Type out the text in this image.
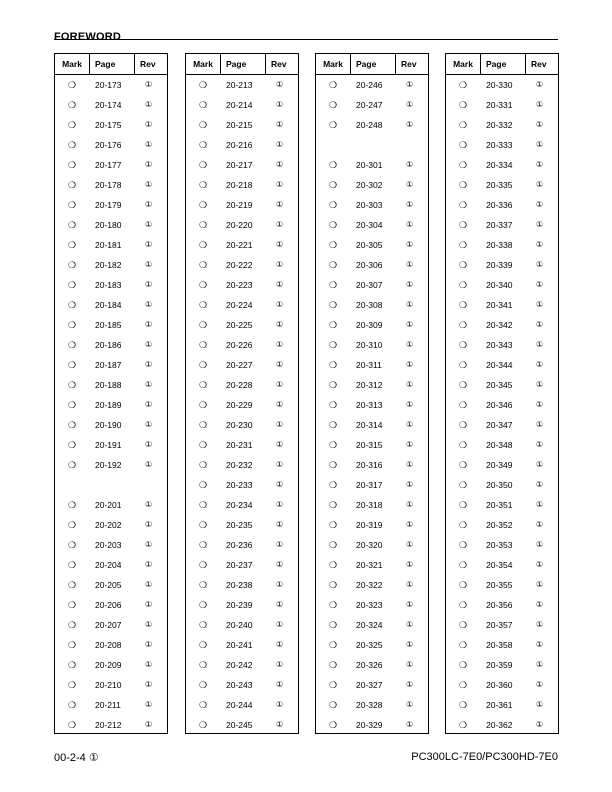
FOREWORD
Mark	Page	Rev
❍	20-173	①
❍	20-174	①
❍	20-175	①
❍	20-176	①
❍	20-177	①
❍	20-178	①
❍	20-179	①
❍	20-180	①
❍	20-181	①
❍	20-182	①
❍	20-183	①
❍	20-184	①
❍	20-185	①
❍	20-186	①
❍	20-187	①
❍	20-188	①
❍	20-189	①
❍	20-190	①
❍	20-191	①
❍	20-192	①
❍	20-201	①
❍	20-202	①
❍	20-203	①
❍	20-204	①
❍	20-205	①
❍	20-206	①
❍	20-207	①
❍	20-208	①
❍	20-209	①
❍	20-210	①
❍	20-211	①
❍	20-212	①
Mark	Page	Rev
❍	20-213	①
❍	20-214	①
❍	20-215	①
❍	20-216	①
❍	20-217	①
❍	20-218	①
❍	20-219	①
❍	20-220	①
❍	20-221	①
❍	20-222	①
❍	20-223	①
❍	20-224	①
❍	20-225	①
❍	20-226	①
❍	20-227	①
❍	20-228	①
❍	20-229	①
❍	20-230	①
❍	20-231	①
❍	20-232	①
❍	20-233	①
❍	20-234	①
❍	20-235	①
❍	20-236	①
❍	20-237	①
❍	20-238	①
❍	20-239	①
❍	20-240	①
❍	20-241	①
❍	20-242	①
❍	20-243	①
❍	20-244	①
❍	20-245	①
Mark	Page	Rev
❍	20-246	①
❍	20-247	①
❍	20-248	①
❍	20-301	①
❍	20-302	①
❍	20-303	①
❍	20-304	①
❍	20-305	①
❍	20-306	①
❍	20-307	①
❍	20-308	①
❍	20-309	①
❍	20-310	①
❍	20-311	①
❍	20-312	①
❍	20-313	①
❍	20-314	①
❍	20-315	①
❍	20-316	①
❍	20-317	①
❍	20-318	①
❍	20-319	①
❍	20-320	①
❍	20-321	①
❍	20-322	①
❍	20-323	①
❍	20-324	①
❍	20-325	①
❍	20-326	①
❍	20-327	①
❍	20-328	①
❍	20-329	①
Mark	Page	Rev
❍	20-330	①
❍	20-331	①
❍	20-332	①
❍	20-333	①
❍	20-334	①
❍	20-335	①
❍	20-336	①
❍	20-337	①
❍	20-338	①
❍	20-339	①
❍	20-340	①
❍	20-341	①
❍	20-342	①
❍	20-343	①
❍	20-344	①
❍	20-345	①
❍	20-346	①
❍	20-347	①
❍	20-348	①
❍	20-349	①
❍	20-350	①
❍	20-351	①
❍	20-352	①
❍	20-353	①
❍	20-354	①
❍	20-355	①
❍	20-356	①
❍	20-357	①
❍	20-358	①
❍	20-359	①
❍	20-360	①
❍	20-361	①
❍	20-362	①
00-2-4 ①	PC300LC-7E0/PC300HD-7E0
